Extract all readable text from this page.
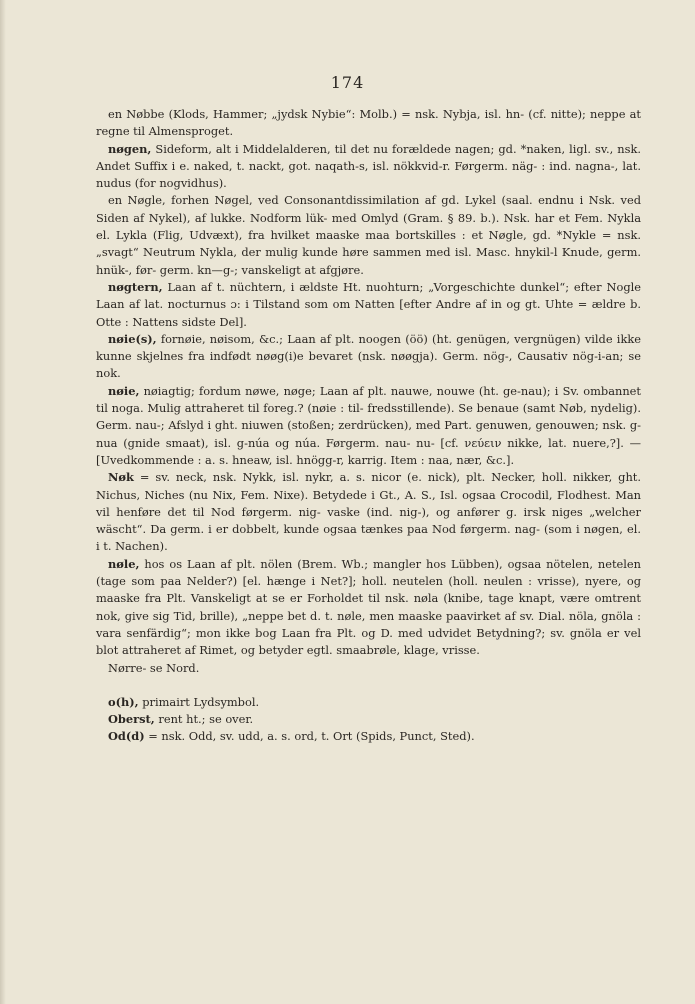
174

en Nøbbe (Klods, Hammer; „jydsk Nybie“: Molb.) = nsk. Nybja, isl. hn- (cf. nitte); neppe at regne til Almensproget.

nøgen, Sideform, alt i Middelalderen, til det nu forældede nagen; gd. *naken, ligl. sv., nsk. Andet Suffix i e. naked, t. nackt, got. naqath-s, isl. nökkvid-r. Førgerm. näg- : ind. nagna-, lat. nudus (for nogvidhus).

en Nøgle, forhen Nøgel, ved Consonantdissimilation af gd. Lykel (saal. endnu i Nsk. ved Siden af Nykel), af lukke. Nodform lük- med Omlyd (Gram. § 89. b.). Nsk. har et Fem. Nykla el. Lykla (Flig, Udvæxt), fra hvilket maaske maa bortskilles : et Nøgle, gd. *Nykle = nsk. „svagt“ Neutrum Nykla, der mulig kunde høre sammen med isl. Masc. hnykil-l Knude, germ. hnük-, før- germ. kn—g-; vanskeligt at afgjøre.

nøgtern, Laan af t. nüchtern, i ældste Ht. nuohturn; „Vorgeschichte dunkel“; efter Nogle Laan af lat. nocturnus ɔ: i Tilstand som om Natten [efter Andre af in og gt. Uhte = ældre b. Otte : Nattens sidste Del].

nøie(s), fornøie, nøisom, &c.; Laan af plt. noogen (öö) (ht. genügen, vergnügen) vilde ikke kunne skjelnes fra indfødt nøøg(i)e bevaret (nsk. nøøgja). Germ. nög-, Causativ nög-i-an; se nok.

nøie, nøiagtig; fordum nøwe, nøge; Laan af plt. nauwe, nouwe (ht. ge-nau); i Sv. ombannet til noga. Mulig attraheret til foreg.? (nøie : til- fredsstillende). Se benaue (samt Nøb, nydelig). Germ. nau-; Afslyd i ght. niuwen (stoßen; zerdrücken), med Part. genuwen, genouwen; nsk. g-nua (gnide smaat), isl. g-núa og núa. Førgerm. nau- nu- [cf. νεύειν nikke, lat. nuere,?]. — [Uvedkommende : a. s. hneaw, isl. hnögg-r, karrig. Item : naa, nær, &c.].

Nøk = sv. neck, nsk. Nykk, isl. nykr, a. s. nicor (e. nick), plt. Necker, holl. nikker, ght. Nichus, Niches (nu Nix, Fem. Nixe). Betydede i Gt., A. S., Isl. ogsaa Crocodil, Flodhest. Man vil henføre det til Nod førgerm. nig- vaske (ind. nig-), og anfører g. irsk niges „welcher wäscht“. Da germ. i er dobbelt, kunde ogsaa tænkes paa Nod førgerm. nag- (som i nøgen, el. i t. Nachen).

nøle, hos os Laan af plt. nölen (Brem. Wb.; mangler hos Lübben), ogsaa nötelen, netelen (tage som paa Nelder?) [el. hænge i Net?]; holl. neutelen (holl. neulen : vrisse), nyere, og maaske fra Plt. Vanskeligt at se er Forholdet til nsk. nøla (knibe, tage knapt, være omtrent nok, give sig Tid, brille), „neppe bet d. t. nøle, men maaske paavirket af sv. Dial. nöla, gnöla : vara senfärdig“; mon ikke bog Laan fra Plt. og D. med udvidet Betydning?; sv. gnöla er vel blot attraheret af Rimet, og betyder egtl. smaabrøle, klage, vrisse.

Nørre- se Nord.

o(h), primairt Lydsymbol.

Oberst, rent ht.; se over.

Od(d) = nsk. Odd, sv. udd, a. s. ord, t. Ort (Spids, Punct, Sted).
